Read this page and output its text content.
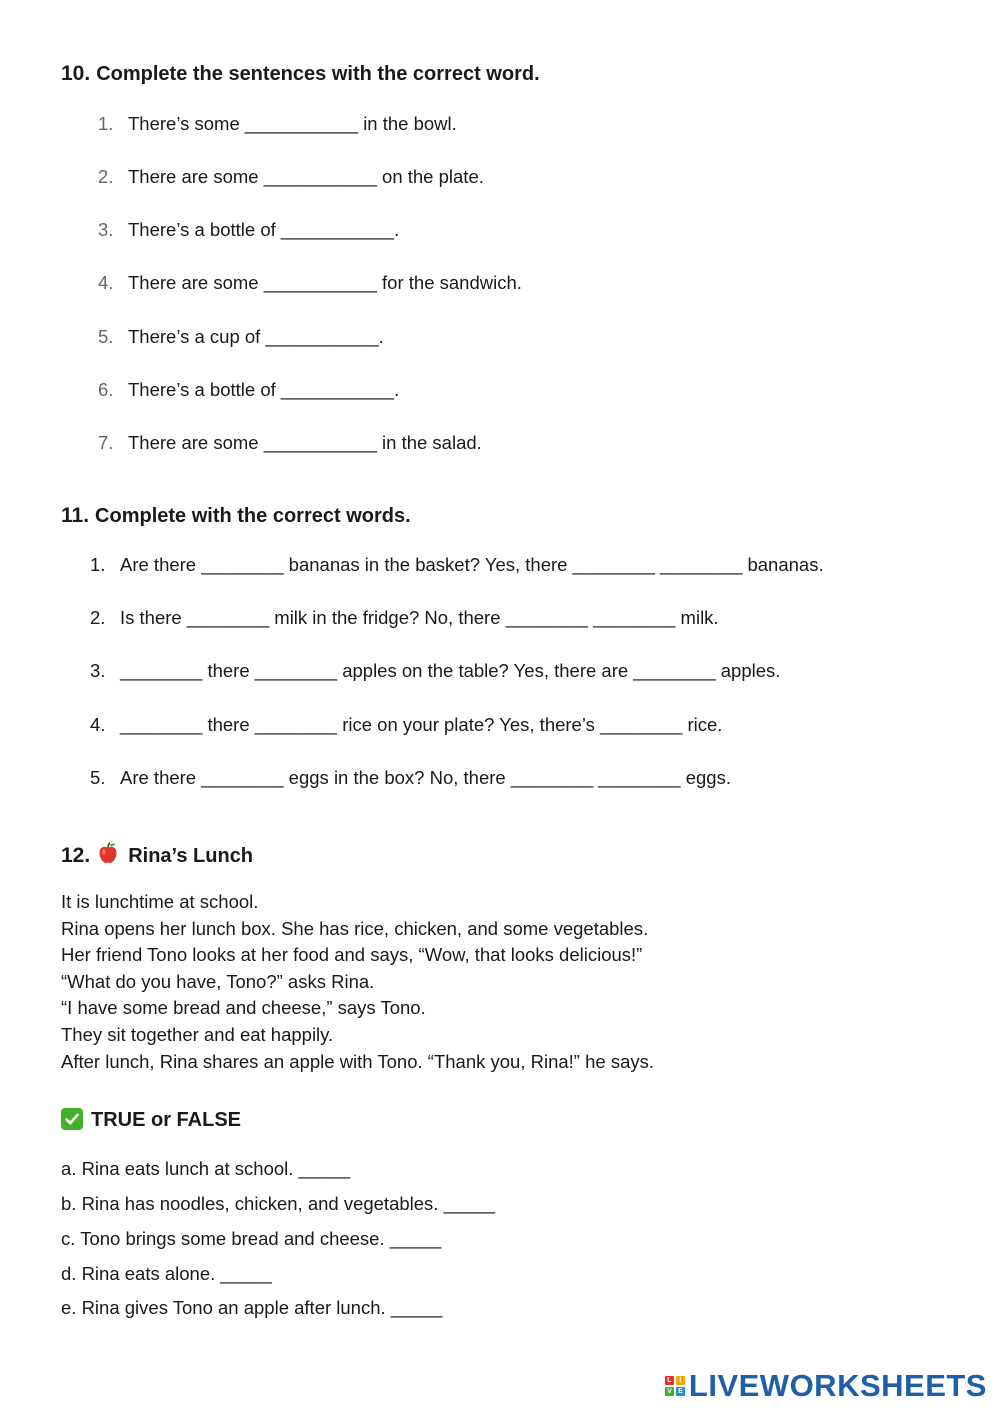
10. Complete the sentences with the correct word.
1. There’s some ___________ in the bowl.
2. There are some ___________ on the plate.
3. There’s a bottle of ___________.
4. There are some ___________ for the sandwich.
5. There’s a cup of ___________.
6. There’s a bottle of ___________.
7. There are some ___________ in the salad.
11. Complete with the correct words.
1. Are there ________ bananas in the basket? Yes, there ________ ________ bananas.
2. Is there ________ milk in the fridge? No, there ________ ________ milk.
3. ________ there ________ apples on the table? Yes, there are ________ apples.
4. ________ there ________ rice on your plate? Yes, there’s ________ rice.
5. Are there ________ eggs in the box? No, there ________ ________ eggs.
12. Rina’s Lunch
It is lunchtime at school.
Rina opens her lunch box. She has rice, chicken, and some vegetables.
Her friend Tono looks at her food and says, “Wow, that looks delicious!”
“What do you have, Tono?” asks Rina.
“I have some bread and cheese,” says Tono.
They sit together and eat happily.
After lunch, Rina shares an apple with Tono. “Thank you, Rina!” he says.
TRUE or FALSE
a. Rina eats lunch at school. _____
b. Rina has noodles, chicken, and vegetables. _____
c. Tono brings some bread and cheese. _____
d. Rina eats alone. _____
e. Rina gives Tono an apple after lunch. _____
L	I
V E LIVEWORKSHEETS
